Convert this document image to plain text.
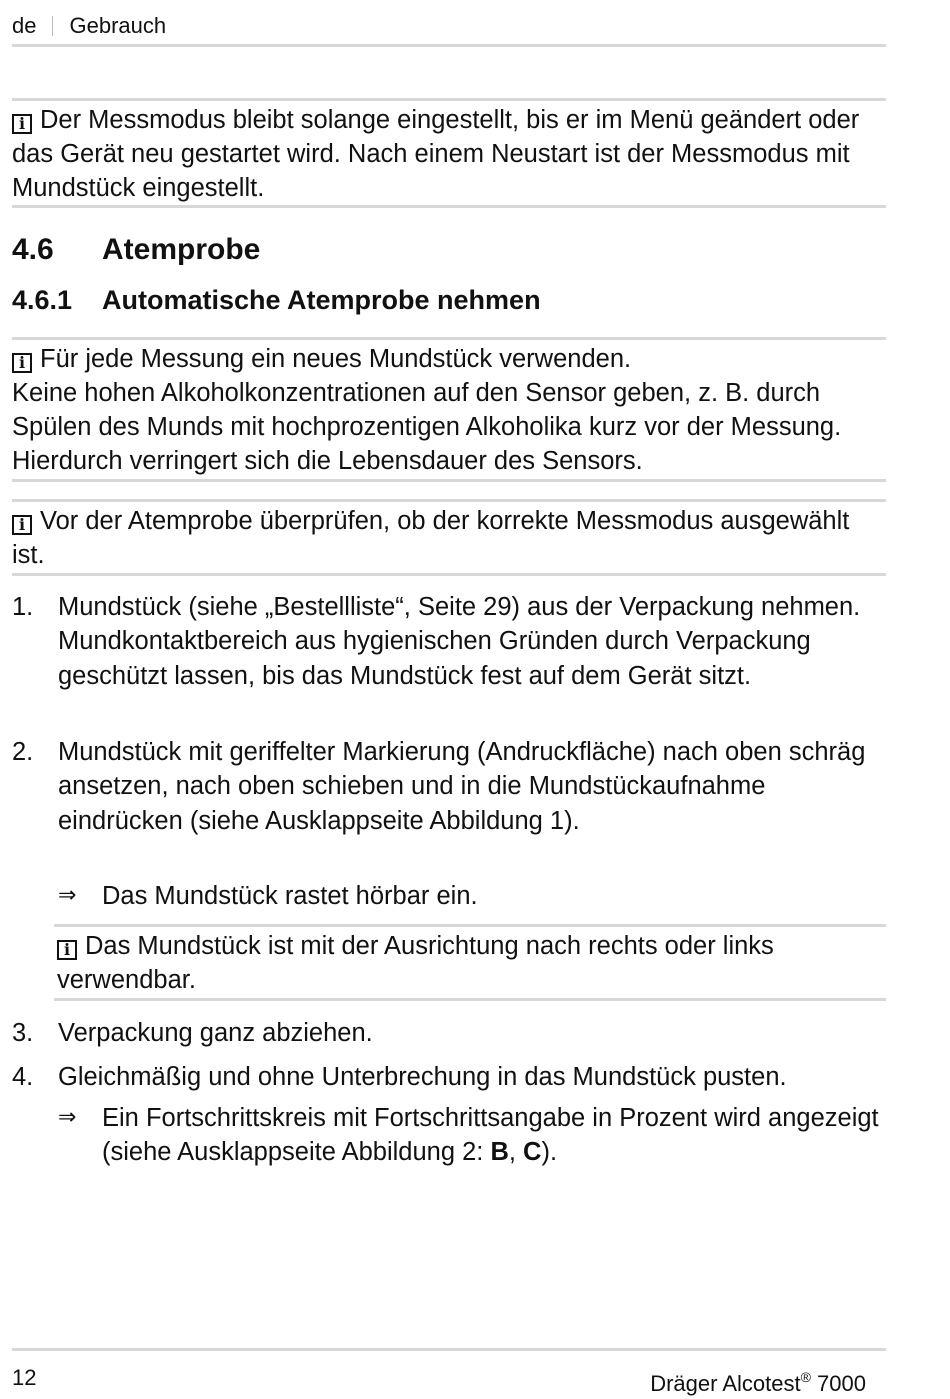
de Gebrauch
i Der Messmodus bleibt solange eingestellt, bis er im Menü geändert oder das Gerät neu gestartet wird. Nach einem Neustart ist der Messmodus mit Mundstück eingestellt.
4.6 Atemprobe
4.6.1 Automatische Atemprobe nehmen
i Für jede Messung ein neues Mundstück verwenden.
Keine hohen Alkoholkonzentrationen auf den Sensor geben, z. B. durch Spülen des Munds mit hochprozentigen Alkoholika kurz vor der Messung. Hierdurch verringert sich die Lebensdauer des Sensors.
i Vor der Atemprobe überprüfen, ob der korrekte Messmodus ausgewählt ist.
1. Mundstück (siehe „Bestellliste“, Seite 29) aus der Verpackung nehmen. Mundkontaktbereich aus hygienischen Gründen durch Verpackung geschützt lassen, bis das Mundstück fest auf dem Gerät sitzt.
2. Mundstück mit geriffelter Markierung (Andruckfläche) nach oben schräg ansetzen, nach oben schieben und in die Mundstückaufnahme eindrücken (siehe Ausklappseite Abbildung 1).
⇒ Das Mundstück rastet hörbar ein.
i Das Mundstück ist mit der Ausrichtung nach rechts oder links verwendbar.
3. Verpackung ganz abziehen.
4. Gleichmäßig und ohne Unterbrechung in das Mundstück pusten.
⇒ Ein Fortschrittskreis mit Fortschrittsangabe in Prozent wird angezeigt (siehe Ausklappseite Abbildung 2: B, C).
12	Dräger Alcotest® 7000
